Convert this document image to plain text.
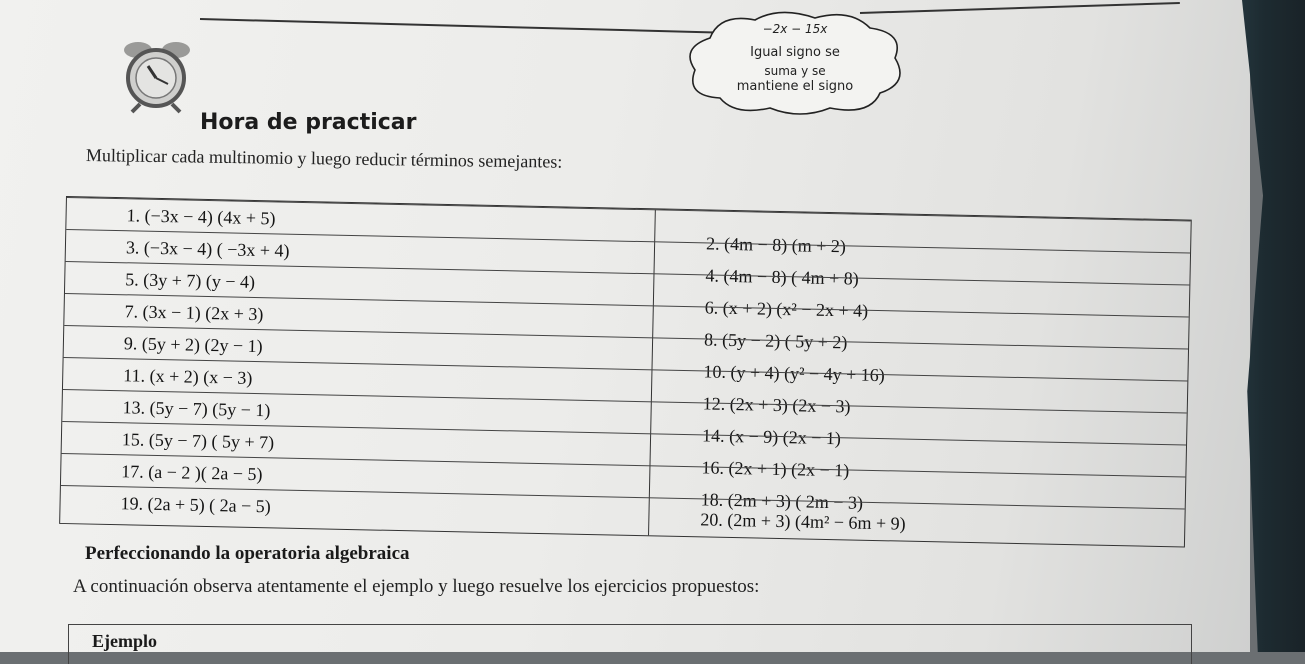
−2x − 15x
Igual signo se
suma y se
mantiene el signo
Hora de practicar
Multiplicar cada multinomio y luego reducir términos semejantes:
1. (−3x − 4) (4x + 5)
2. (4m − 8) (m + 2)
3. (−3x − 4) ( −3x + 4)
4. (4m − 8) ( 4m + 8)
5. (3y + 7) (y − 4)
6. (x + 2) (x² − 2x + 4)
7. (3x − 1) (2x + 3)
8. (5y − 2) ( 5y + 2)
9. (5y + 2) (2y − 1)
10. (y + 4) (y² − 4y + 16)
11. (x + 2) (x − 3)
12. (2x + 3) (2x − 3)
13. (5y − 7) (5y − 1)
14. (x − 9) (2x − 1)
15. (5y − 7) ( 5y + 7)
16. (2x + 1) (2x − 1)
17. (a − 2 )( 2a − 5)
18. (2m + 3) ( 2m − 3)
19. (2a + 5) ( 2a − 5)
20. (2m + 3) (4m² − 6m + 9)
Perfeccionando la operatoria algebraica
A continuación observa atentamente el ejemplo y luego resuelve los ejercicios propuestos:
Ejemplo
